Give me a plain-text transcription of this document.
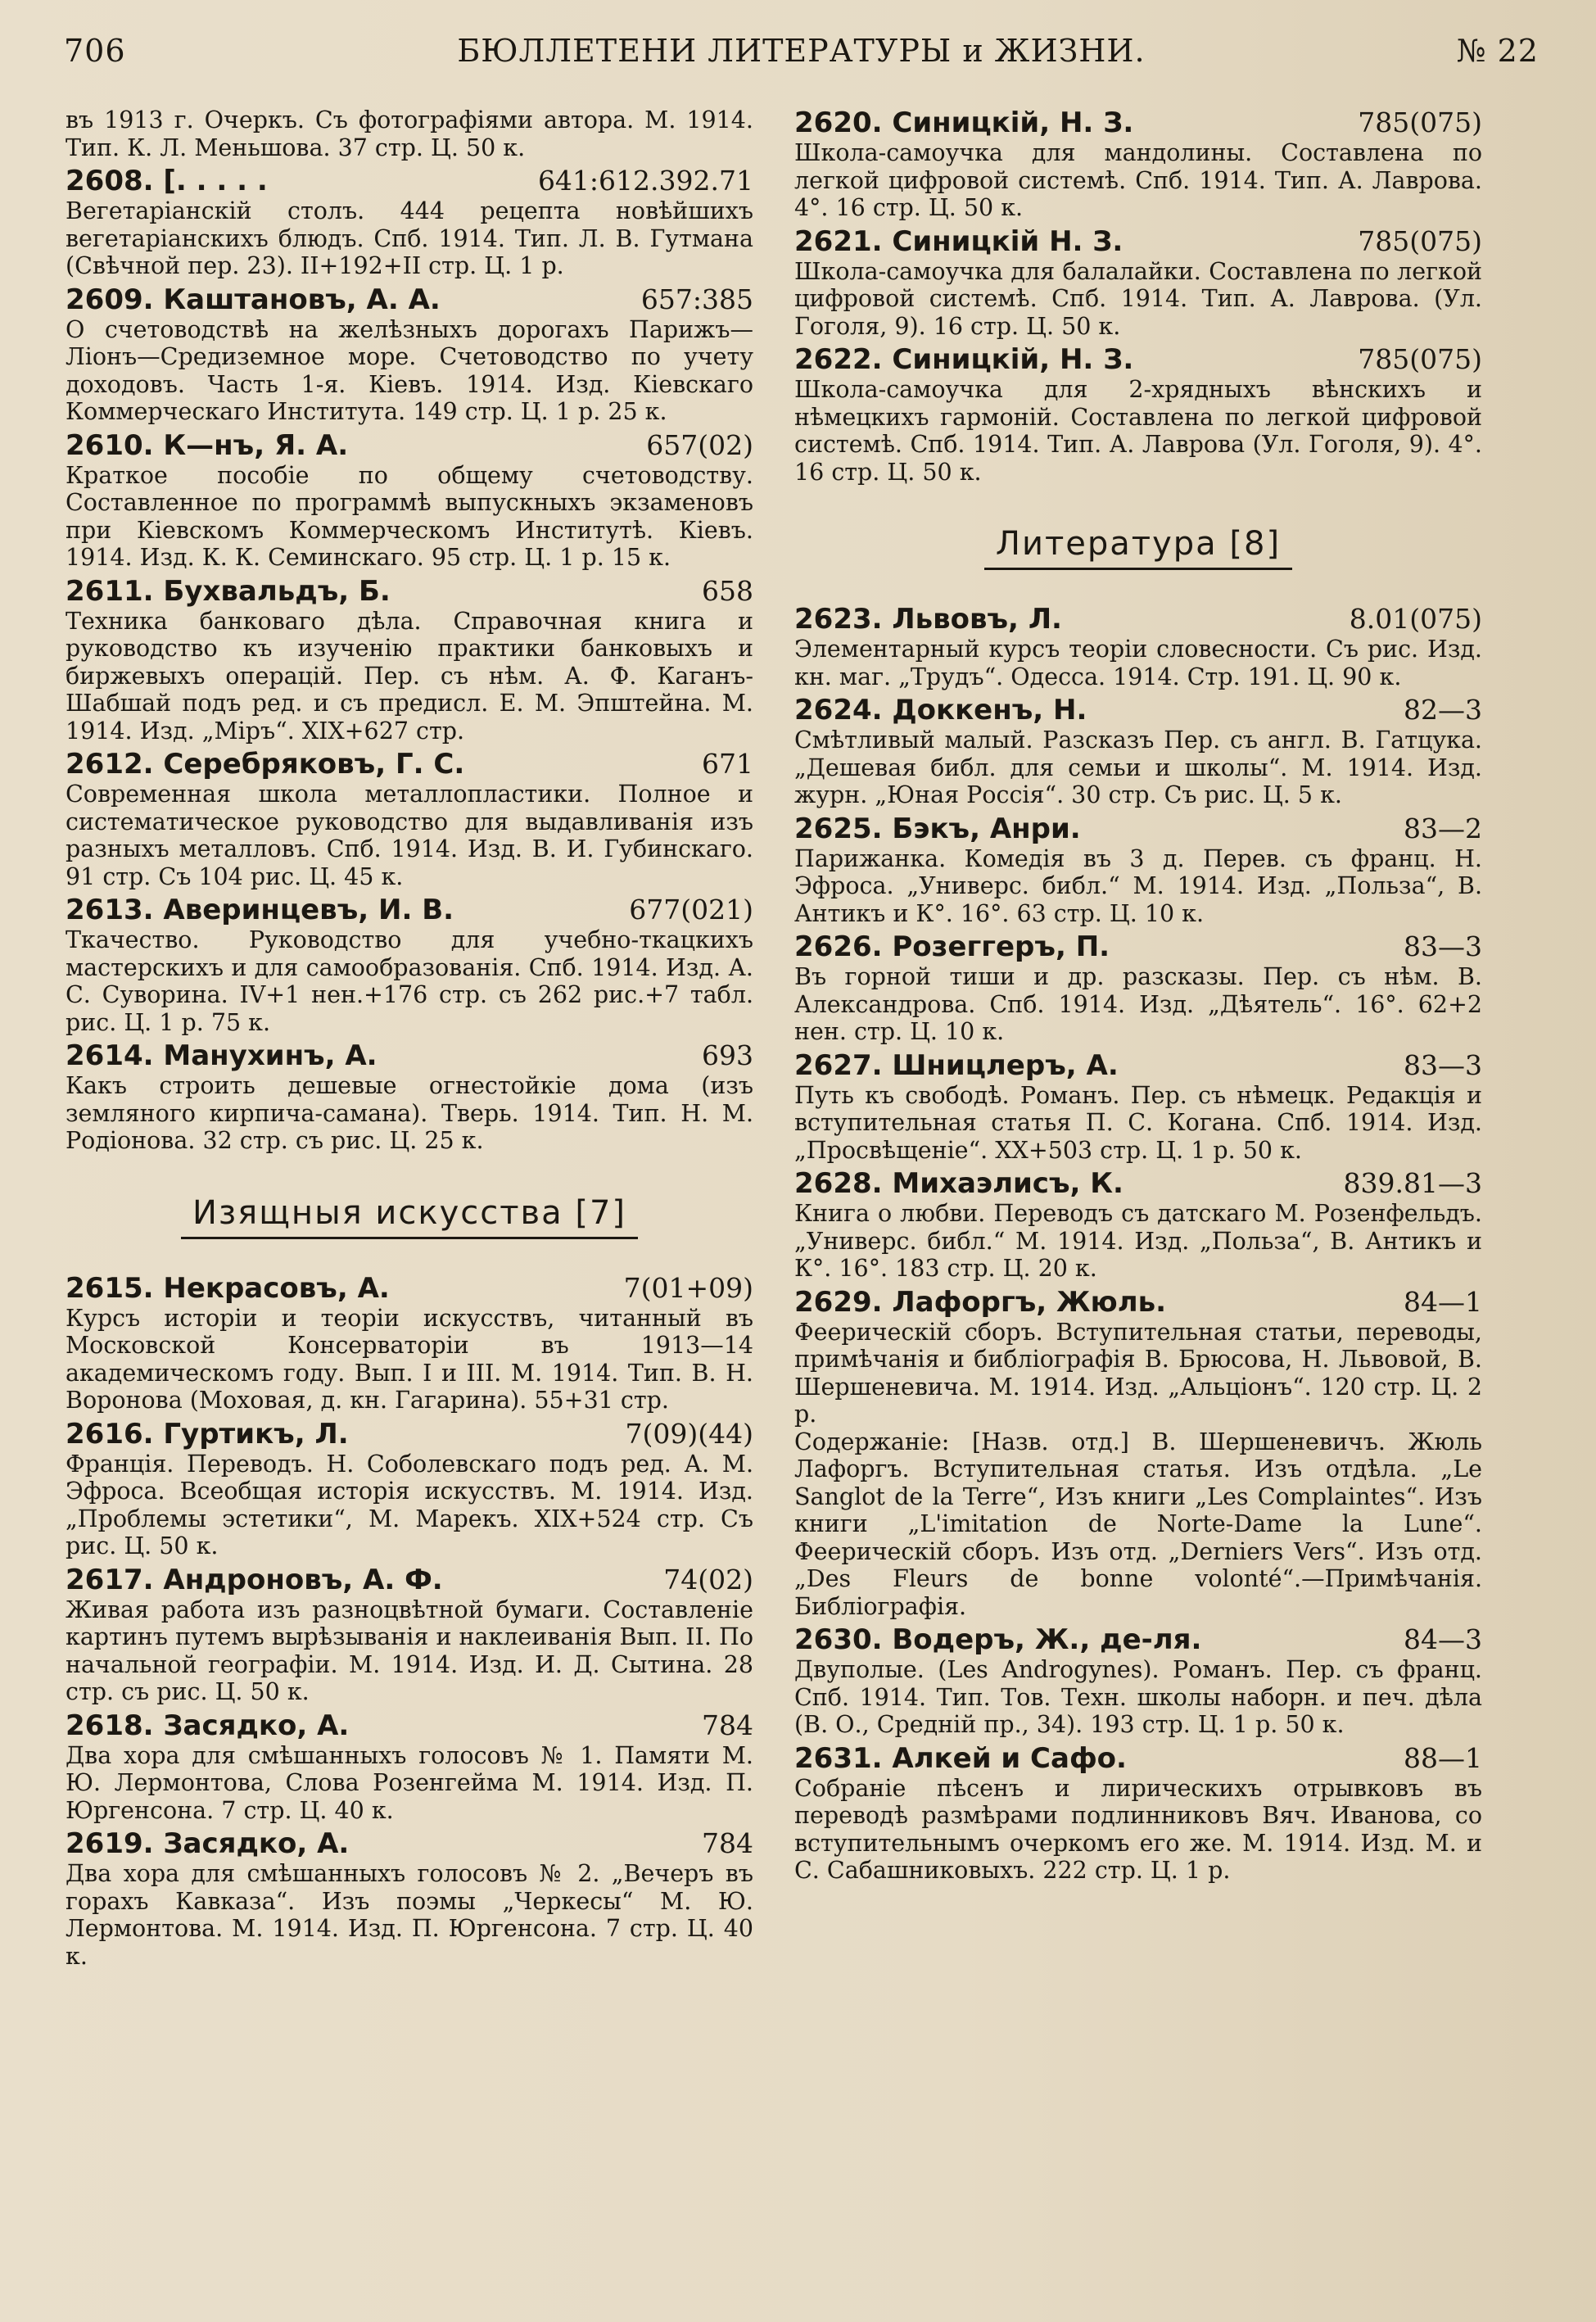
706	БЮЛЛЕТЕНИ ЛИТЕРАТУРЫ и ЖИЗНИ.	№ 22
въ 1913 г. Очеркъ. Съ фотографіями автора. М. 1914. Тип. К. Л. Меньшова. 37 стр. Ц. 50 к.
2608. [. . . . .	641:612.392.71
Вегетаріанскій столъ. 444 рецепта новѣйшихъ вегетаріанскихъ блюдъ. Спб. 1914. Тип. Л. В. Гутмана (Свѣчной пер. 23). II+192+II стр. Ц. 1 р.
2609. Каштановъ, А. А.	657:385
О счетоводствѣ на желѣзныхъ дорогахъ Парижъ—Ліонъ—Средиземное море. Счетоводство по учету доходовъ. Часть 1-я. Кіевъ. 1914. Изд. Кіевскаго Коммерческаго Института. 149 стр. Ц. 1 р. 25 к.
2610. К—нъ, Я. А.	657(02)
Краткое пособіе по общему счетоводству. Составленное по программѣ выпускныхъ экзаменовъ при Кіевскомъ Коммерческомъ Институтѣ. Кіевъ. 1914. Изд. К. К. Семинскаго. 95 стр. Ц. 1 р. 15 к.
2611. Бухвальдъ, Б.	658
Техника банковаго дѣла. Справочная книга и руководство къ изученію практики банковыхъ и биржевыхъ операцій. Пер. съ нѣм. А. Ф. Каганъ-Шабшай подъ ред. и съ предисл. Е. М. Эпштейна. М. 1914. Изд. „Міръ“. XIX+627 стр.
2612. Серебряковъ, Г. С.	671
Современная школа металлопластики. Полное и систематическое руководство для выдавливанія изъ разныхъ металловъ. Спб. 1914. Изд. В. И. Губинскаго. 91 стр. Съ 104 рис. Ц. 45 к.
2613. Аверинцевъ, И. В.	677(021)
Ткачество. Руководство для учебно-ткацкихъ мастерскихъ и для самообразованія. Спб. 1914. Изд. А. С. Суворина. IV+1 нен.+176 стр. съ 262 рис.+7 табл. рис. Ц. 1 р. 75 к.
2614. Манухинъ, А.	693
Какъ строить дешевые огнестойкіе дома (изъ земляного кирпича-самана). Тверь. 1914. Тип. Н. М. Родіонова. 32 стр. съ рис. Ц. 25 к.
Изящныя искусства [7]
2615. Некрасовъ, А.	7(01+09)
Курсъ исторіи и теоріи искусствъ, читанный въ Московской Консерваторіи въ 1913—14 академическомъ году. Вып. I и III. М. 1914. Тип. В. Н. Воронова (Моховая, д. кн. Гагарина). 55+31 стр.
2616. Гуртикъ, Л.	7(09)(44)
Франція. Переводъ. Н. Соболевскаго подъ ред. А. М. Эфроса. Всеобщая исторія искусствъ. М. 1914. Изд. „Проблемы эстетики“, М. Марекъ. XIX+524 стр. Съ рис. Ц. 50 к.
2617. Андроновъ, А. Ф.	74(02)
Живая работа изъ разноцвѣтной бумаги. Составленіе картинъ путемъ вырѣзыванія и наклеиванія Вып. II. По начальной географіи. М. 1914. Изд. И. Д. Сытина. 28 стр. съ рис. Ц. 50 к.
2618. Засядко, А.	784
Два хора для смѣшанныхъ голосовъ № 1. Памяти М. Ю. Лермонтова, Слова Розенгейма М. 1914. Изд. П. Юргенсона. 7 стр. Ц. 40 к.
2619. Засядко, А.	784
Два хора для смѣшанныхъ голосовъ № 2. „Вечеръ въ горахъ Кавказа“. Изъ поэмы „Черкесы“ М. Ю. Лермонтова. М. 1914. Изд. П. Юргенсона. 7 стр. Ц. 40 к.
2620. Синицкій, Н. З.	785(075)
Школа-самоучка для мандолины. Составлена по легкой цифровой системѣ. Спб. 1914. Тип. А. Лаврова. 4°. 16 стр. Ц. 50 к.
2621. Синицкій Н. З.	785(075)
Школа-самоучка для балалайки. Составлена по легкой цифровой системѣ. Спб. 1914. Тип. А. Лаврова. (Ул. Гоголя, 9). 16 стр. Ц. 50 к.
2622. Синицкій, Н. З.	785(075)
Школа-самоучка для 2-хрядныхъ вѣнскихъ и нѣмецкихъ гармоній. Составлена по легкой цифровой системѣ. Спб. 1914. Тип. А. Лаврова (Ул. Гоголя, 9). 4°. 16 стр. Ц. 50 к.
Литература [8]
2623. Львовъ, Л.	8.01(075)
Элементарный курсъ теоріи словесности. Съ рис. Изд. кн. маг. „Трудъ“. Одесса. 1914. Стр. 191. Ц. 90 к.
2624. Доккенъ, Н.	82—3
Смѣтливый малый. Разсказъ Пер. съ англ. В. Гатцука. „Дешевая библ. для семьи и школы“. М. 1914. Изд. журн. „Юная Россія“. 30 стр. Съ рис. Ц. 5 к.
2625. Бэкъ, Анри.	83—2
Парижанка. Комедія въ 3 д. Перев. съ франц. Н. Эфроса. „Универс. библ.“ М. 1914. Изд. „Польза“, В. Антикъ и К°. 16°. 63 стр. Ц. 10 к.
2626. Розеггеръ, П.	83—3
Въ горной тиши и др. разсказы. Пер. съ нѣм. В. Александрова. Спб. 1914. Изд. „Дѣятель“. 16°. 62+2 нен. стр. Ц. 10 к.
2627. Шницлеръ, А.	83—3
Путь къ свободѣ. Романъ. Пер. съ нѣмецк. Редакція и вступительная статья П. С. Когана. Спб. 1914. Изд. „Просвѣщеніе“. XX+503 стр. Ц. 1 р. 50 к.
2628. Михаэлисъ, К.	839.81—3
Книга о любви. Переводъ съ датскаго М. Розенфельдъ. „Универс. библ.“ М. 1914. Изд. „Польза“, В. Антикъ и К°. 16°. 183 стр. Ц. 20 к.
2629. Лафоргъ, Жюль.	84—1
Феерическій сборъ. Вступительная статьи, переводы, примѣчанія и библіографія В. Брюсова, Н. Львовой, В. Шершеневича. М. 1914. Изд. „Альціонъ“. 120 стр. Ц. 2 р.
Содержаніе: [Назв. отд.] В. Шершеневичъ. Жюль Лафоргъ. Вступительная статья. Изъ отдѣла. „Le Sanglot de la Terre“, Изъ книги „Les Complaintes“. Изъ книги „L'imitation de Norte-Dame la Lune“. Феерическій сборъ. Изъ отд. „Derniers Vers“. Изъ отд. „Des Fleurs de bonne volonté“.—Примѣчанія. Библіографія.
2630. Водеръ, Ж., де-ля.	84—3
Двуполые. (Les Androgynes). Романъ. Пер. съ франц. Спб. 1914. Тип. Тов. Техн. школы наборн. и печ. дѣла (В. О., Средній пр., 34). 193 стр. Ц. 1 р. 50 к.
2631. Алкей и Сафо.	88—1
Собраніе пѣсенъ и лирическихъ отрывковъ въ переводѣ размѣрами подлинниковъ Вяч. Иванова, со вступительнымъ очеркомъ его же. М. 1914. Изд. М. и С. Сабашниковыхъ. 222 стр. Ц. 1 р.
